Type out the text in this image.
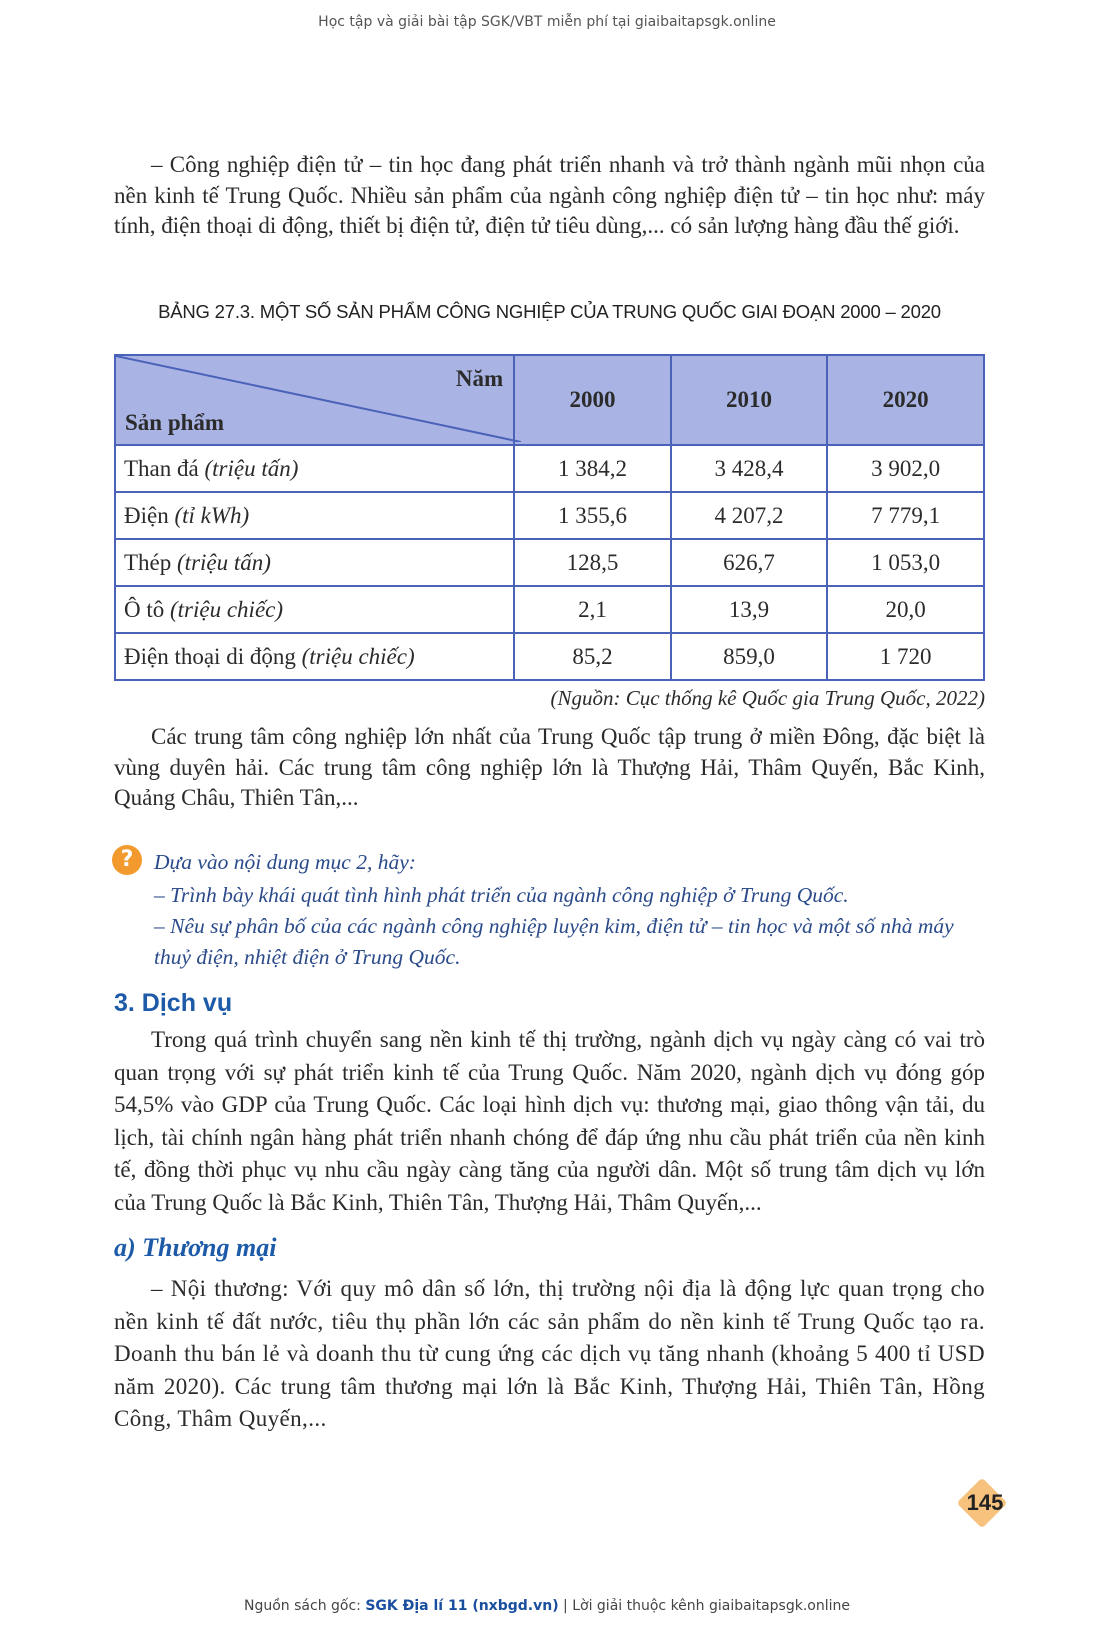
Học tập và giải bài tập SGK/VBT miễn phí tại giaibaitapsgk.online

– Công nghiệp điện tử – tin học đang phát triển nhanh và trở thành ngành mũi nhọn của nền kinh tế Trung Quốc. Nhiều sản phẩm của ngành công nghiệp điện tử – tin học như: máy tính, điện thoại di động, thiết bị điện tử, điện tử tiêu dùng,... có sản lượng hàng đầu thế giới.

BẢNG 27.3. MỘT SỐ SẢN PHẨM CÔNG NGHIỆP CỦA TRUNG QUỐC GIAI ĐOẠN 2000 – 2020
Năm
Sản phẩm	2000	2010	2020
Than đá (triệu tấn)	1 384,2	3 428,4	3 902,0
Điện (tỉ kWh)	1 355,6	4 207,2	7 779,1
Thép (triệu tấn)	128,5	626,7	1 053,0
Ô tô (triệu chiếc)	2,1	13,9	20,0
Điện thoại di động (triệu chiếc)	85,2	859,0	1 720
(Nguồn: Cục thống kê Quốc gia Trung Quốc, 2022)

Các trung tâm công nghiệp lớn nhất của Trung Quốc tập trung ở miền Đông, đặc biệt là vùng duyên hải. Các trung tâm công nghiệp lớn là Thượng Hải, Thâm Quyến, Bắc Kinh, Quảng Châu, Thiên Tân,...

? Dựa vào nội dung mục 2, hãy:

– Trình bày khái quát tình hình phát triển của ngành công nghiệp ở Trung Quốc.

– Nêu sự phân bố của các ngành công nghiệp luyện kim, điện tử – tin học và một số nhà máy thuỷ điện, nhiệt điện ở Trung Quốc.

3. Dịch vụ

Trong quá trình chuyển sang nền kinh tế thị trường, ngành dịch vụ ngày càng có vai trò quan trọng với sự phát triển kinh tế của Trung Quốc. Năm 2020, ngành dịch vụ đóng góp 54,5% vào GDP của Trung Quốc. Các loại hình dịch vụ: thương mại, giao thông vận tải, du lịch, tài chính ngân hàng phát triển nhanh chóng để đáp ứng nhu cầu phát triển của nền kinh tế, đồng thời phục vụ nhu cầu ngày càng tăng của người dân. Một số trung tâm dịch vụ lớn của Trung Quốc là Bắc Kinh, Thiên Tân, Thượng Hải, Thâm Quyến,...

a) Thương mại

– Nội thương: Với quy mô dân số lớn, thị trường nội địa là động lực quan trọng cho nền kinh tế đất nước, tiêu thụ phần lớn các sản phẩm do nền kinh tế Trung Quốc tạo ra. Doanh thu bán lẻ và doanh thu từ cung ứng các dịch vụ tăng nhanh (khoảng 5 400 tỉ USD năm 2020). Các trung tâm thương mại lớn là Bắc Kinh, Thượng Hải, Thiên Tân, Hồng Công, Thâm Quyến,...

145
Nguồn sách gốc: SGK Địa lí 11 (nxbgd.vn) | Lời giải thuộc kênh giaibaitapsgk.online
